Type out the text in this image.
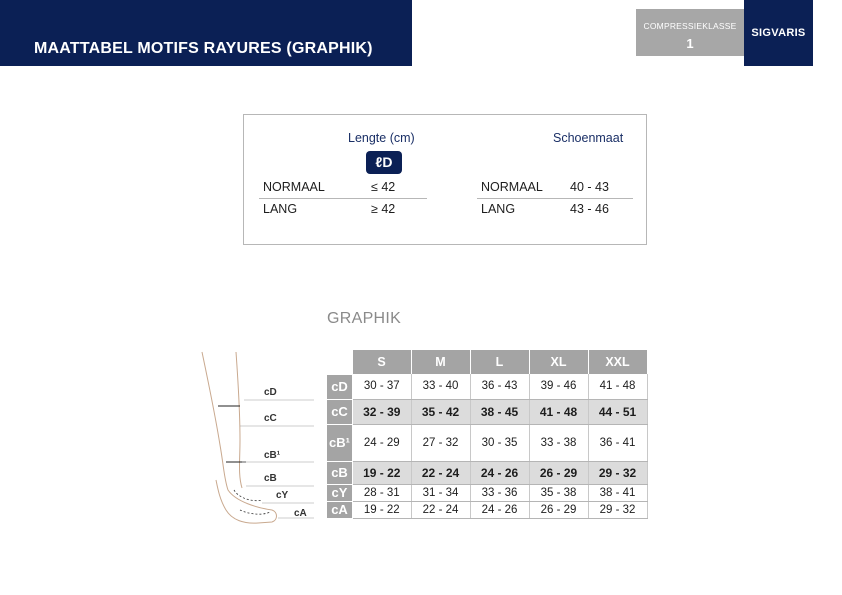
MAATTABEL MOTIFS RAYURES (GRAPHIK)
COMPRESSIEKLASSE
1
SIGVARIS
Lengte (cm)	Schoenmaat
ℓD
NORMAAL	≤ 42	NORMAAL 40 - 43
LANG	≥ 42	LANG	43 - 46
GRAPHIK
cD
cC
cB¹
cB
cY
cA
	S	M	L	XL	XXL
cD	30 - 37	33 - 40	36 - 43	39 - 46	41 - 48
cC	32 - 39	35 - 42	38 - 45	41 - 48	44 - 51
cB¹	24 - 29	27 - 32	30 - 35	33 - 38	36 - 41
cB	19 - 22	22 - 24	24 - 26	26 - 29	29 - 32
cY	28 - 31	31 - 34	33 - 36	35 - 38	38 - 41
cA	19 - 22	22 - 24	24 - 26	26 - 29	29 - 32
